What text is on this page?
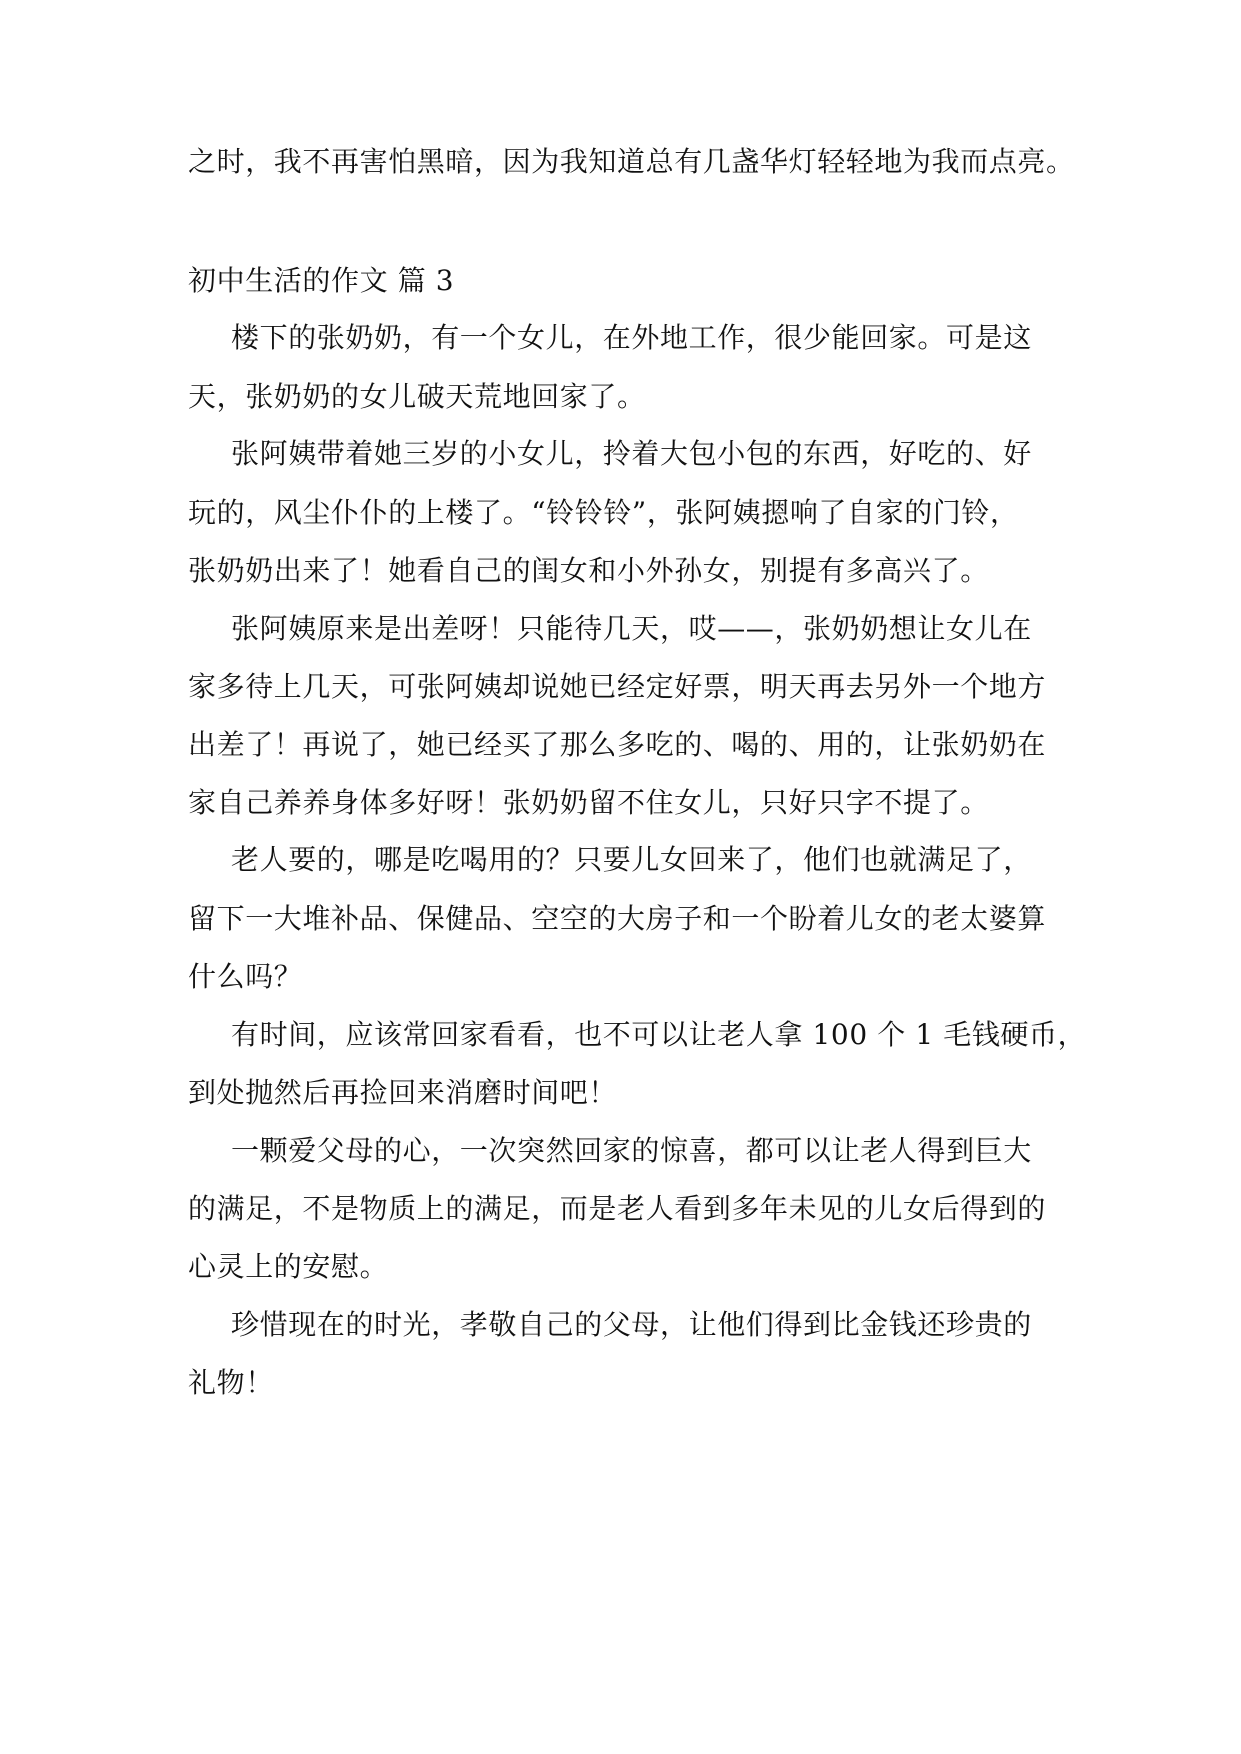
之时，我不再害怕黑暗，因为我知道总有几盏华灯轻轻地为我而点亮。
初中生活的作文 篇 3
楼下的张奶奶，有一个女儿，在外地工作，很少能回家。可是这
天，张奶奶的女儿破天荒地回家了。
张阿姨带着她三岁的小女儿，拎着大包小包的东西，好吃的、好
玩的，风尘仆仆的上楼了。“铃铃铃”，张阿姨摁响了自家的门铃，
张奶奶出来了！她看自己的闺女和小外孙女，别提有多高兴了。
张阿姨原来是出差呀！只能待几天，哎——，张奶奶想让女儿在
家多待上几天，可张阿姨却说她已经定好票，明天再去另外一个地方
出差了！再说了，她已经买了那么多吃的、喝的、用的，让张奶奶在
家自己养养身体多好呀！张奶奶留不住女儿，只好只字不提了。
老人要的，哪是吃喝用的？只要儿女回来了，他们也就满足了，
留下一大堆补品、保健品、空空的大房子和一个盼着儿女的老太婆算
什么吗？
有时间，应该常回家看看，也不可以让老人拿 100 个 1 毛钱硬币，
到处抛然后再捡回来消磨时间吧！
一颗爱父母的心，一次突然回家的惊喜，都可以让老人得到巨大
的满足，不是物质上的满足，而是老人看到多年未见的儿女后得到的
心灵上的安慰。
珍惜现在的时光，孝敬自己的父母，让他们得到比金钱还珍贵的
礼物！
